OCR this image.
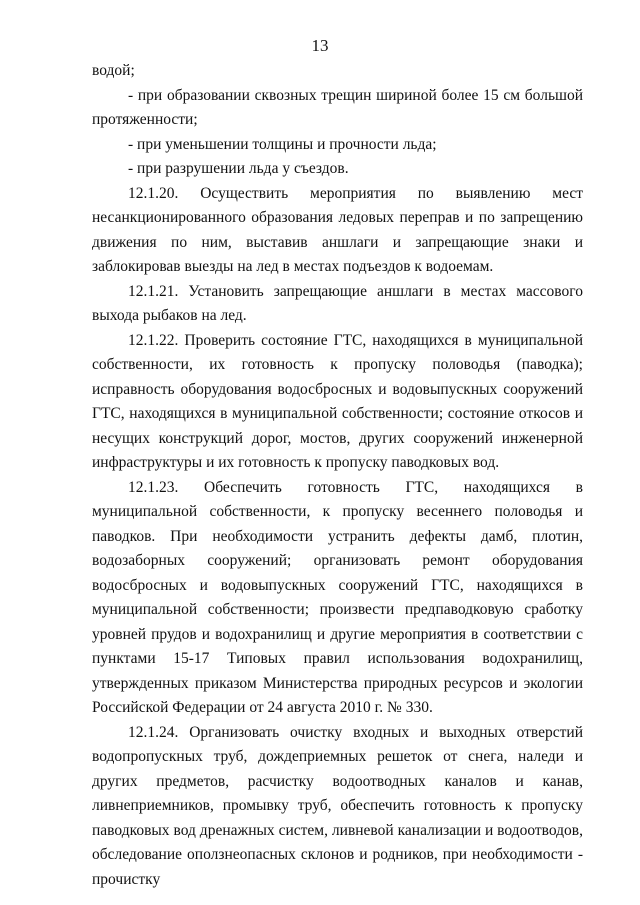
13

водой;

- при образовании сквозных трещин шириной более 15 см большой протяженности;

- при уменьшении толщины и прочности льда;

- при разрушении льда у съездов.

12.1.20. Осуществить мероприятия по выявлению мест несанкционированного образования ледовых переправ и по запрещению движения по ним, выставив аншлаги и запрещающие знаки и заблокировав выезды на лед в местах подъездов к водоемам.

12.1.21. Установить запрещающие аншлаги в местах массового выхода рыбаков на лед.

12.1.22. Проверить состояние ГТС, находящихся в муниципальной собственности, их готовность к пропуску половодья (паводка); исправность оборудования водосбросных и водовыпускных сооружений ГТС, находящихся в муниципальной собственности; состояние откосов и несущих конструкций дорог, мостов, других сооружений инженерной инфраструктуры и их готовность к пропуску паводковых вод.

12.1.23. Обеспечить готовность ГТС, находящихся в муниципальной собственности, к пропуску весеннего половодья и паводков. При необходимости устранить дефекты дамб, плотин, водозаборных сооружений; организовать ремонт оборудования водосбросных и водовыпускных сооружений ГТС, находящихся в муниципальной собственности; произвести предпаводковую сработку уровней прудов и водохранилищ и другие мероприятия в соответствии с пунктами 15-17 Типовых правил использования водохранилищ, утвержденных приказом Министерства природных ресурсов и экологии Российской Федерации от 24 августа 2010 г. № 330.

12.1.24. Организовать очистку входных и выходных отверстий водопропускных труб, дождеприемных решеток от снега, наледи и других предметов, расчистку водоотводных каналов и канав, ливнеприемников, промывку труб, обеспечить готовность к пропуску паводковых вод дренажных систем, ливневой канализации и водоотводов, обследование оползнеопасных склонов и родников, при необходимости - прочистку
